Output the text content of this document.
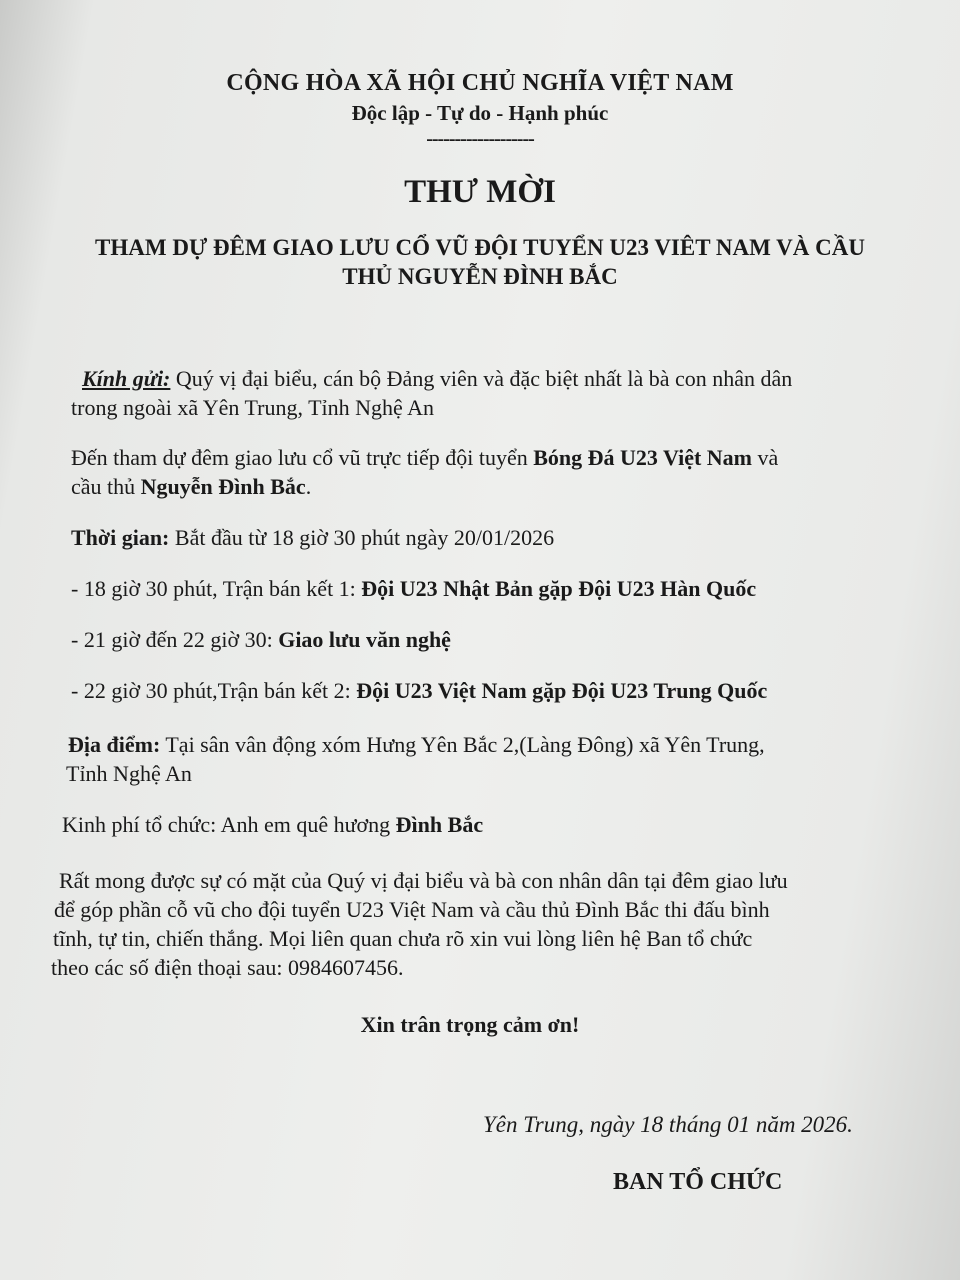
CỘNG HÒA XÃ HỘI CHỦ NGHĨA VIỆT NAM
Độc lập - Tự do - Hạnh phúc
-------------------
THƯ MỜI
THAM DỰ ĐÊM GIAO LƯU CỔ VŨ ĐỘI TUYỂN U23 VIÊT NAM VÀ CẦU
THỦ NGUYỄN ĐÌNH BẮC
Kính gửi: Quý vị đại biểu, cán bộ Đảng viên và đặc biệt nhất là bà con nhân dân
trong ngoài xã Yên Trung, Tỉnh Nghệ An
Đến tham dự đêm giao lưu cổ vũ trực tiếp đội tuyển Bóng Đá U23 Việt Nam và
cầu thủ Nguyễn Đình Bắc.
Thời gian: Bắt đầu từ 18 giờ 30 phút ngày 20/01/2026
- 18 giờ 30 phút, Trận bán kết 1: Đội U23 Nhật Bản gặp Đội U23 Hàn Quốc
- 21 giờ đến 22 giờ 30: Giao lưu văn nghệ
- 22 giờ 30 phút,Trận bán kết 2: Đội U23 Việt Nam gặp Đội U23 Trung Quốc
Địa điểm: Tại sân vân động xóm Hưng Yên Bắc 2,(Làng Đông) xã Yên Trung,
Tỉnh Nghệ An
Kinh phí tổ chức: Anh em quê hương Đình Bắc
Rất mong được sự có mặt của Quý vị đại biểu và bà con nhân dân tại đêm giao lưu
để góp phần cỗ vũ cho đội tuyển U23 Việt Nam và cầu thủ Đình Bắc thi đấu bình
tĩnh, tự tin, chiến thắng. Mọi liên quan chưa rõ xin vui lòng liên hệ Ban tổ chức
theo các số điện thoại sau: 0984607456.
Xin trân trọng cảm ơn!
Yên Trung, ngày 18 tháng 01 năm 2026.
BAN TỔ CHỨC
